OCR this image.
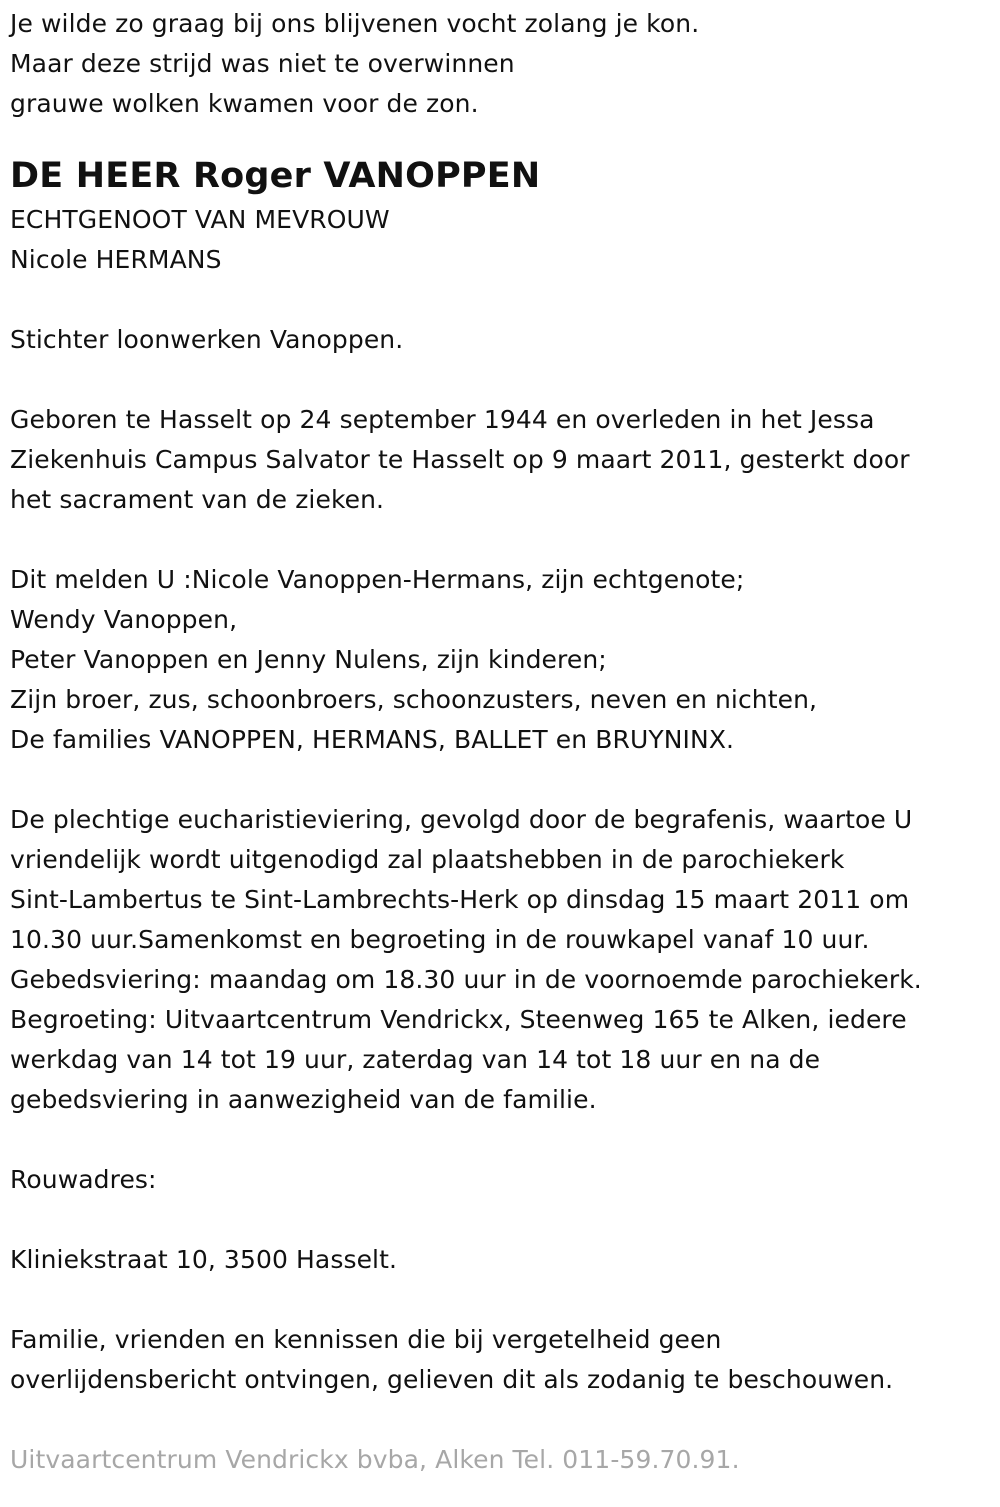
Je wilde zo graag bij ons blijvenen vocht zolang je kon.
Maar deze strijd was niet te overwinnen
grauwe wolken kwamen voor de zon.
DE HEER Roger VANOPPEN
ECHTGENOOT VAN MEVROUW
Nicole HERMANS
Stichter loonwerken Vanoppen.
Geboren te Hasselt op 24 september 1944 en overleden in het Jessa
Ziekenhuis Campus Salvator te Hasselt op 9 maart 2011, gesterkt door
het sacrament van de zieken.
Dit melden U :Nicole Vanoppen-Hermans, zijn echtgenote;
Wendy Vanoppen,
Peter Vanoppen en Jenny Nulens, zijn kinderen;
Zijn broer, zus, schoonbroers, schoonzusters, neven en nichten,
De families VANOPPEN, HERMANS, BALLET en BRUYNINX.
De plechtige eucharistieviering, gevolgd door de begrafenis, waartoe U
vriendelijk wordt uitgenodigd zal plaatshebben in de parochiekerk
Sint-Lambertus te Sint-Lambrechts-Herk op dinsdag 15 maart 2011 om
10.30 uur.Samenkomst en begroeting in de rouwkapel vanaf 10 uur.
Gebedsviering: maandag om 18.30 uur in de voornoemde parochiekerk.
Begroeting: Uitvaartcentrum Vendrickx, Steenweg 165 te Alken, iedere
werkdag van 14 tot 19 uur, zaterdag van 14 tot 18 uur en na de
gebedsviering in aanwezigheid van de familie.
Rouwadres:
Kliniekstraat 10, 3500 Hasselt.
Familie, vrienden en kennissen die bij vergetelheid geen
overlijdensbericht ontvingen, gelieven dit als zodanig te beschouwen.
Uitvaartcentrum Vendrickx bvba, Alken Tel. 011-59.70.91.
